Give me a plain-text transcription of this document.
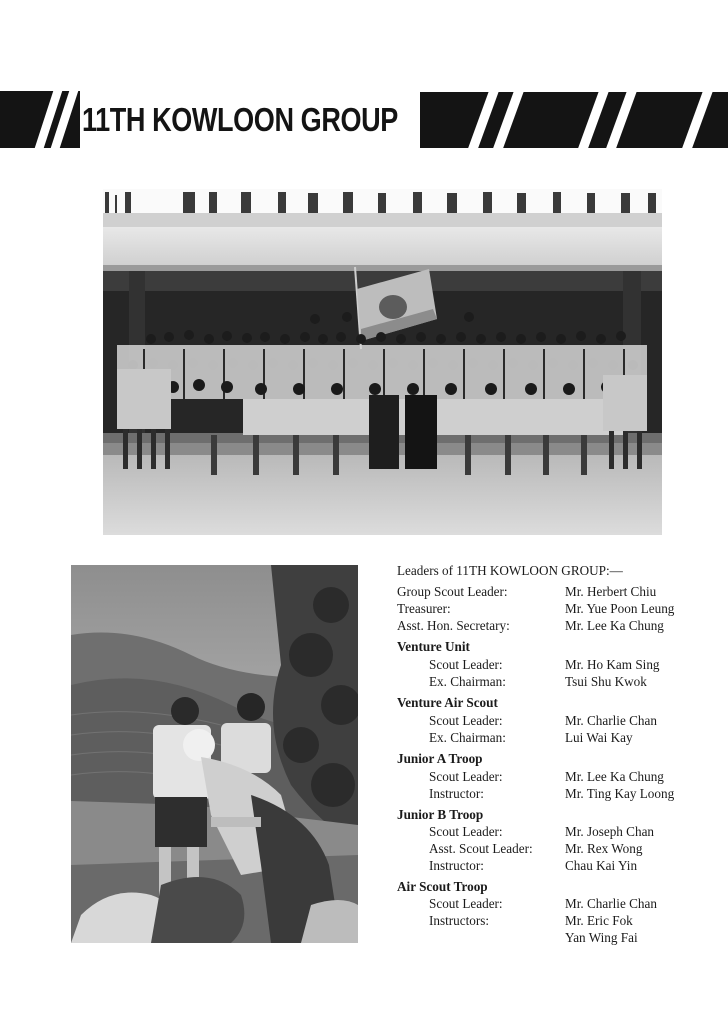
11TH KOWLOON GROUP
Leaders of 11TH KOWLOON GROUP:—
Group Scout Leader:	Mr. Herbert Chiu
Treasurer:	Mr. Yue Poon Leung
Asst. Hon. Secretary:	Mr. Lee Ka Chung
Venture Unit
Scout Leader:	Mr. Ho Kam Sing
Ex. Chairman:	Tsui Shu Kwok
Venture Air Scout
Scout Leader:	Mr. Charlie Chan
Ex. Chairman:	Lui Wai Kay
Junior A Troop
Scout Leader:	Mr. Lee Ka Chung
Instructor:	Mr. Ting Kay Loong
Junior B Troop
Scout Leader:	Mr. Joseph Chan
Asst. Scout Leader: Mr. Rex Wong
Instructor:	Chau Kai Yin
Air Scout Troop
Scout Leader:	Mr. Charlie Chan
Instructors:	Mr. Eric Fok
Yan Wing Fai
